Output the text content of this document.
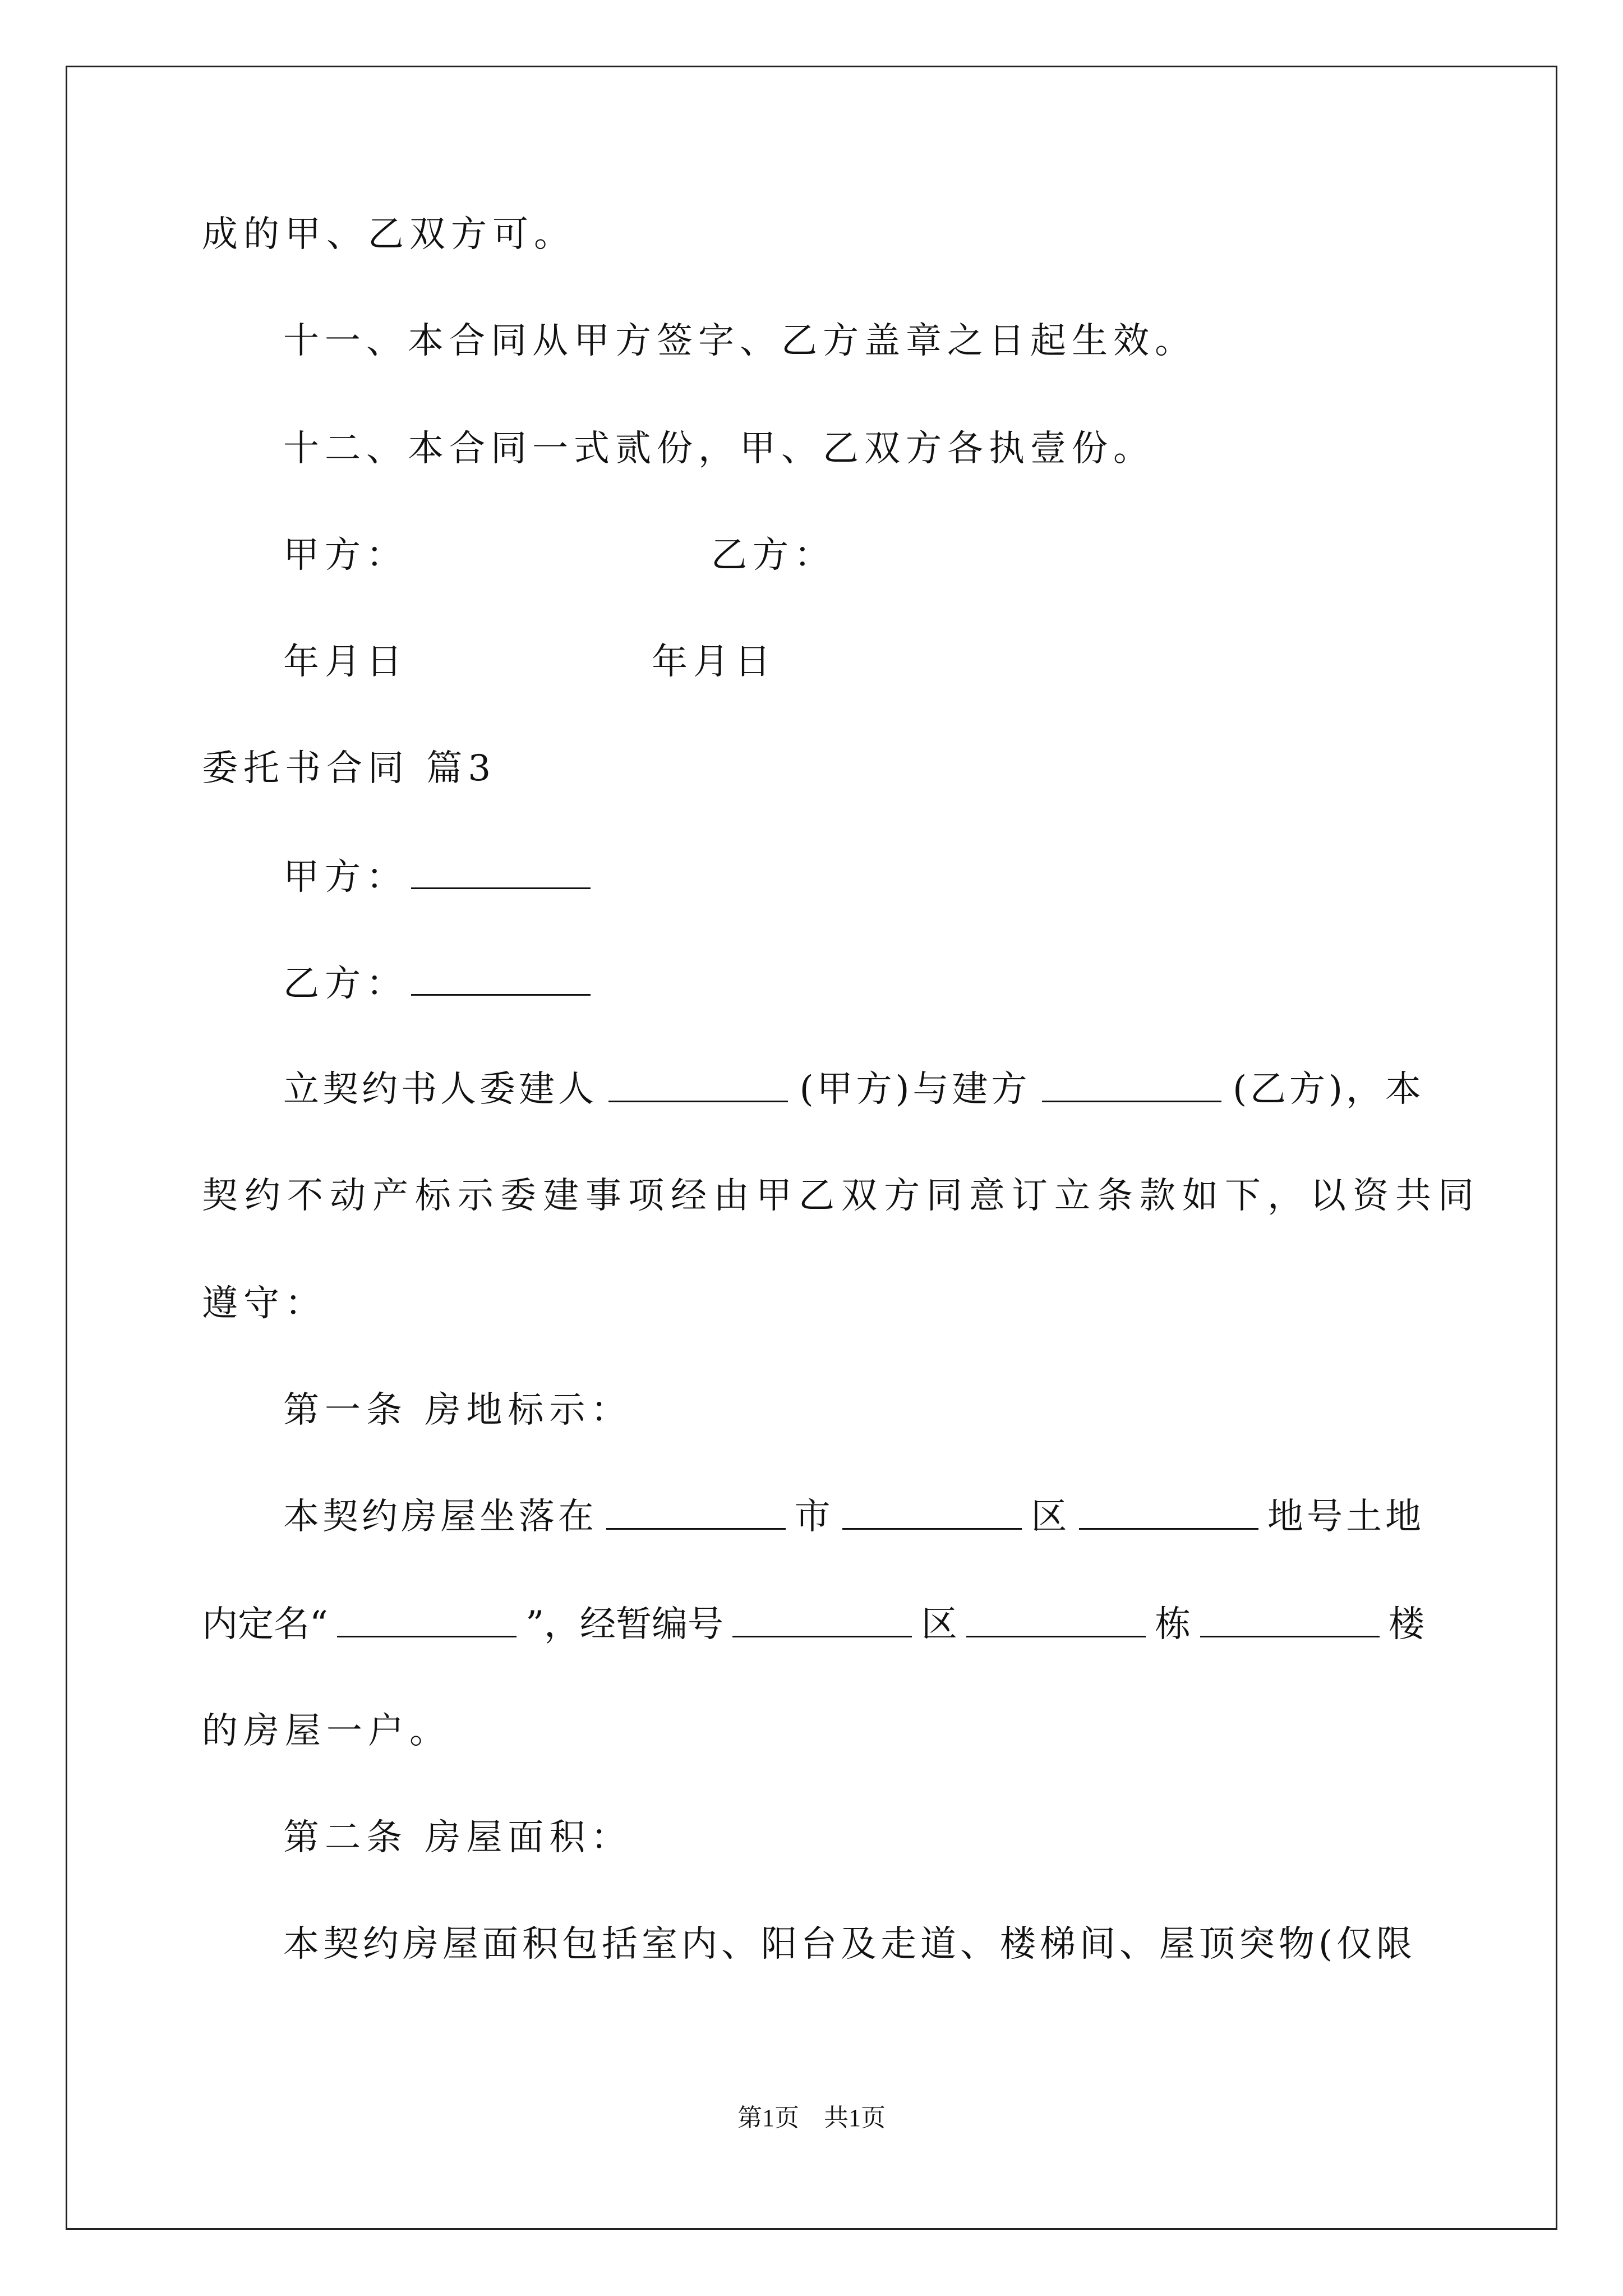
成的甲、乙双方可。
十一、本合同从甲方签字、乙方盖章之日起生效。
十二、本合同一式贰份，甲、乙双方各执壹份。
甲方：	乙方：
年月日	年月日
委托书合同 篇3
甲方：
乙方：
立契约书人委建人	(甲方)与建方	(乙方)，本
契约不动产标示委建事项经由甲乙双方同意订立条款如下，以资共同
遵守：
第一条 房地标示：
本契约房屋坐落在	市	区	地号土地
内定名“	”，经暂编号	区	栋	楼
的房屋一户。
第二条 房屋面积：
本契约房屋面积包括室内、阳台及走道、楼梯间、屋顶突物(仅限
第1页 共1页
